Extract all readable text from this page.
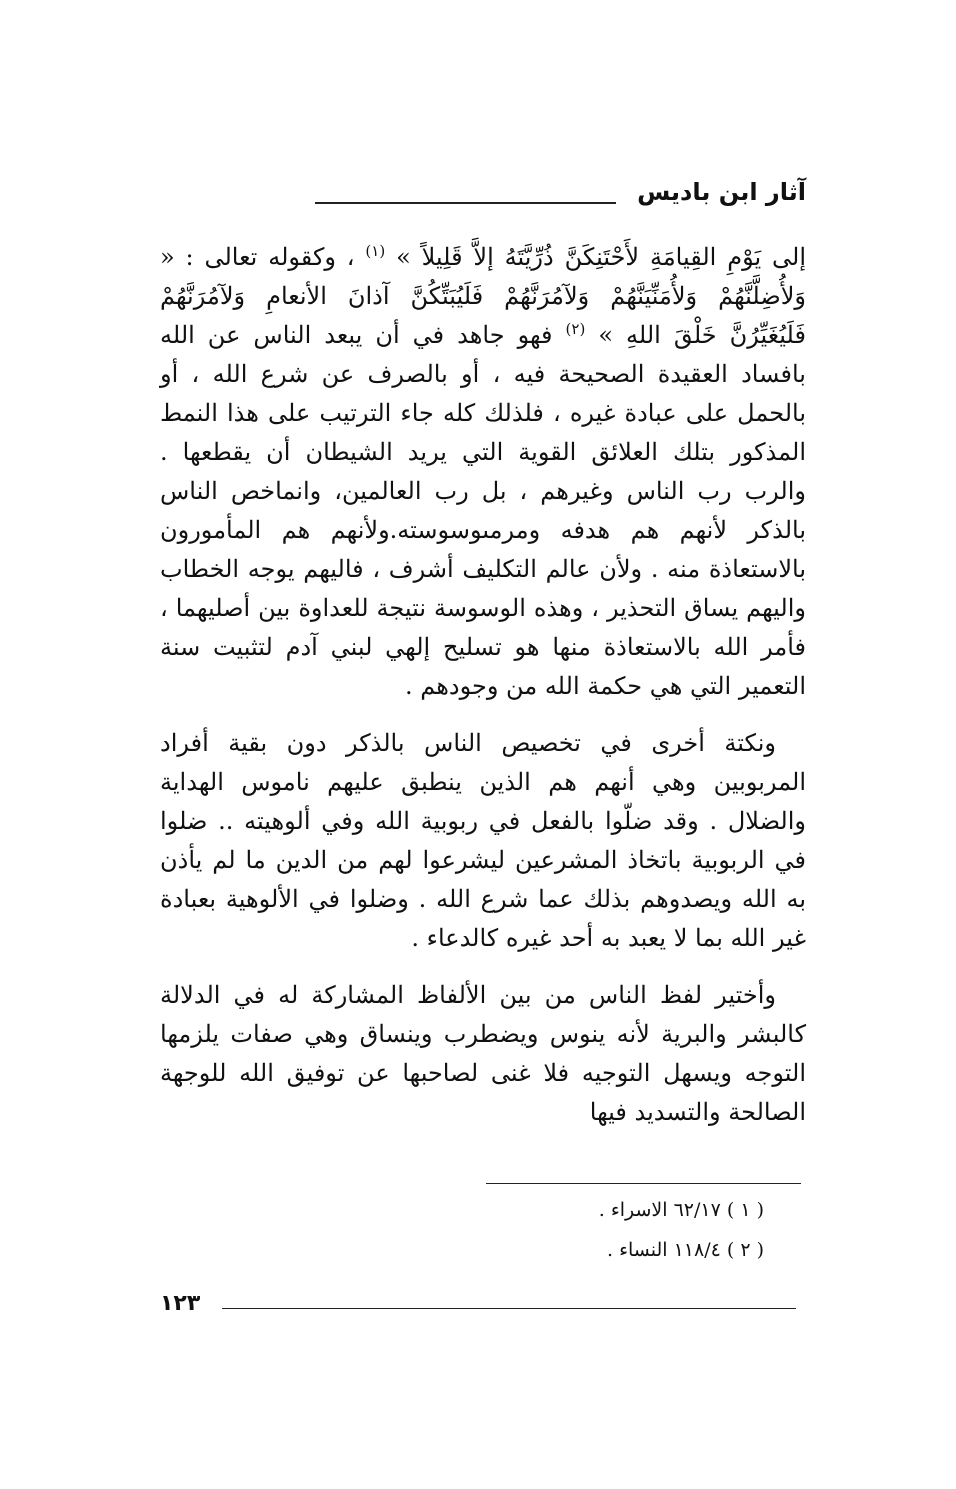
آثار ابن باديس

إلى يَوْمِ القِيامَةِ لأَحْتَنِكَنَّ ذُرِّيَّتَهُ إلاَّ قَلِيلاً » $^{(١)}$ ، وكقوله تعالى : « وَلأُضِلَّنَّهُمْ وَلأُمَنِّيَنَّهُمْ وَلآمُرَنَّهُمْ فَلَيُبَتِّكُنَّ آذانَ الأنعامِ وَلآمُرَنَّهُمْ فَلَيُغَيِّرُنَّ خَلْقَ اللهِ » $^{(٢)}$ فهو جاهد في أن يبعد الناس عن الله بافساد العقيدة الصحيحة فيه ، أو بالصرف عن شرع الله ، أو بالحمل على عبادة غيره ، فلذلك كله جاء الترتيب على هذا النمط المذكور بتلك العلائق القوية التي يريد الشيطان أن يقطعها . والرب رب الناس وغيرهم ، بل رب العالمين، وانماخص الناس بالذكر لأنهم هم هدفه ومرمىوسوسته.ولأنهم هم المأمورون بالاستعاذة منه . ولأن عالم التكليف أشرف ، فاليهم يوجه الخطاب واليهم يساق التحذير ، وهذه الوسوسة نتيجة للعداوة بين أصليهما ، فأمر الله بالاستعاذة منها هو تسليح إلهي لبني آدم لتثبيت سنة التعمير التي هي حكمة الله من وجودهم .

ونكتة أخرى في تخصيص الناس بالذكر دون بقية أفراد المربوبين وهي أنهم هم الذين ينطبق عليهم ناموس الهداية والضلال . وقد ضلّوا بالفعل في ربوبية الله وفي ألوهيته .. ضلوا في الربوبية باتخاذ المشرعين ليشرعوا لهم من الدين ما لم يأذن به الله ويصدوهم بذلك عما شرع الله . وضلوا في الألوهية بعبادة غير الله بما لا يعبد به أحد غيره كالدعاء .

وأختير لفظ الناس من بين الألفاظ المشاركة له في الدلالة كالبشر والبرية لأنه ينوس ويضطرب وينساق وهي صفات يلزمها التوجه ويسهل التوجيه فلا غنى لصاحبها عن توفيق الله للوجهة الصالحة والتسديد فيها

( ١ ) ٦٢/١٧ الاسراء .
( ٢ ) ١١٨/٤ النساء .
١٢٣
